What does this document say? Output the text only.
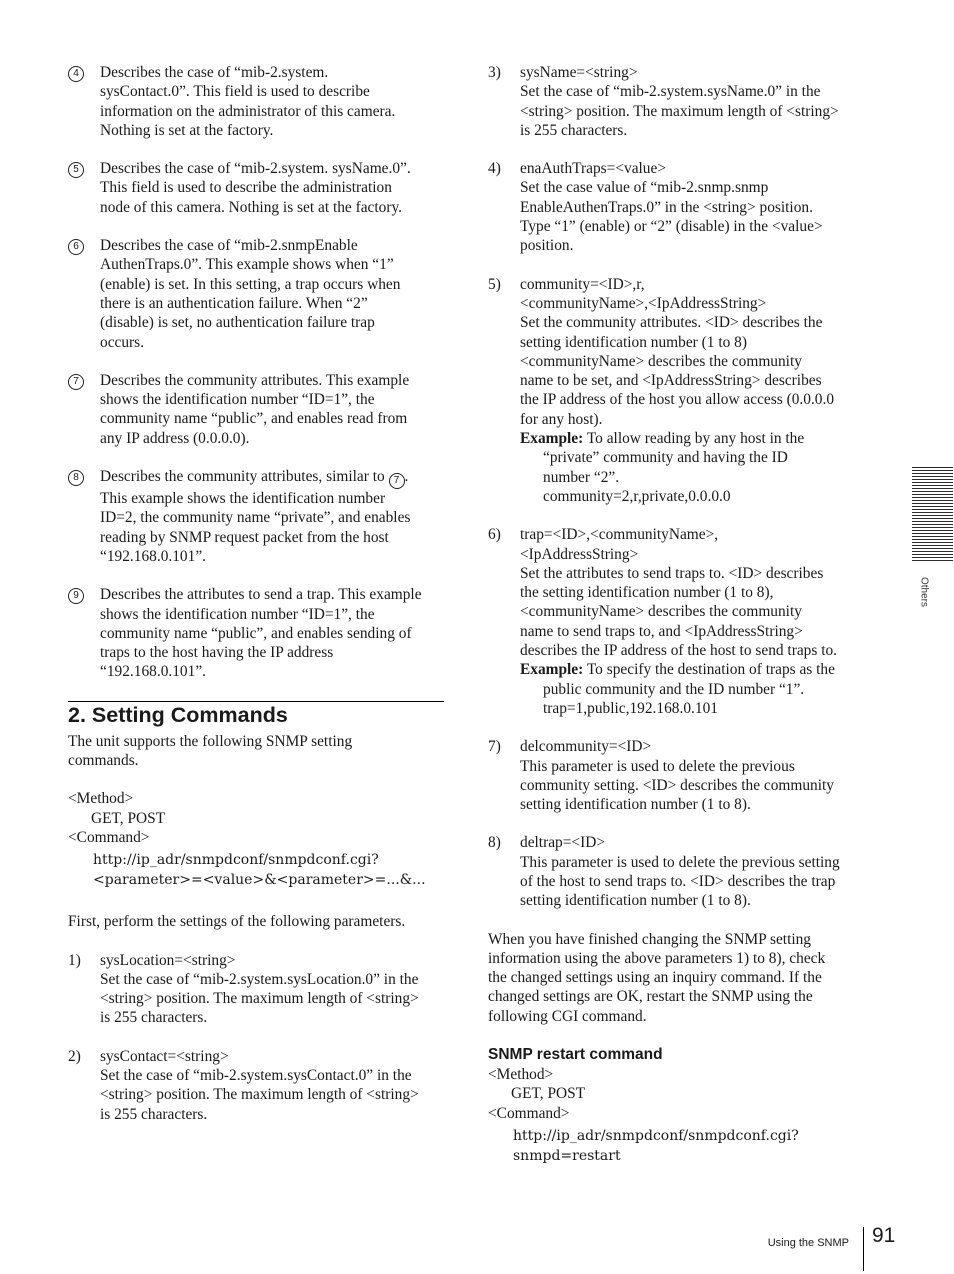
4	Describes the case of “mib-2.system.
sysContact.0”. This field is used to describe
information on the administrator of this camera.
Nothing is set at the factory.
5	Describes the case of “mib-2.system. sysName.0”.
This field is used to describe the administration
node of this camera. Nothing is set at the factory.
6	Describes the case of “mib-2.snmpEnable
AuthenTraps.0”. This example shows when “1”
(enable) is set. In this setting, a trap occurs when
there is an authentication failure. When “2”
(disable) is set, no authentication failure trap
occurs.
7	Describes the community attributes. This example
shows the identification number “ID=1”, the
community name “public”, and enables read from
any IP address (0.0.0.0).
8	Describes the community attributes, similar to 7 .
This example shows the identification number
ID=2, the community name “private”, and enables
reading by SNMP request packet from the host
“192.168.0.101”.
9	Describes the attributes to send a trap. This example
shows the identification number “ID=1”, the
community name “public”, and enables sending of
traps to the host having the IP address
“192.168.0.101”.
2. Setting Commands
The unit supports the following SNMP setting
commands.
<Method>
GET, POST
<Command>
http://ip_adr/snmpdconf/snmpdconf.cgi?
<parameter>=<value>&<parameter>=...&...
First, perform the settings of the following parameters.
1) sysLocation=<string>
Set the case of “mib-2.system.sysLocation.0” in the
<string> position. The maximum length of <string>
is 255 characters.
2) sysContact=<string>
Set the case of “mib-2.system.sysContact.0” in the
<string> position. The maximum length of <string>
is 255 characters.
3) sysName=<string>
Set the case of “mib-2.system.sysName.0” in the
<string> position. The maximum length of <string>
is 255 characters.
4) enaAuthTraps=<value>
Set the case value of “mib-2.snmp.snmp
EnableAuthenTraps.0” in the <string> position.
Type “1” (enable) or “2” (disable) in the <value>
position.
5) community=<ID>,r,
<communityName>,<IpAddressString>
Set the community attributes. <ID> describes the
setting identification number (1 to 8)
<communityName> describes the community
name to be set, and <IpAddressString> describes
the IP address of the host you allow access (0.0.0.0
for any host).
Example: To allow reading by any host in the
“private” community and having the ID
number “2”.
community=2,r,private,0.0.0.0
6) trap=<ID>,<communityName>,
<IpAddressString>
Set the attributes to send traps to. <ID> describes
the setting identification number (1 to 8),
<communityName> describes the community
name to send traps to, and <IpAddressString>
describes the IP address of the host to send traps to.
Example: To specify the destination of traps as the
public community and the ID number “1”.
trap=1,public,192.168.0.101
7) delcommunity=<ID>
This parameter is used to delete the previous
community setting. <ID> describes the community
setting identification number (1 to 8).
8) deltrap=<ID>
This parameter is used to delete the previous setting
of the host to send traps to. <ID> describes the trap
setting identification number (1 to 8).
When you have finished changing the SNMP setting
information using the above parameters 1) to 8), check
the changed settings using an inquiry command. If the
changed settings are OK, restart the SNMP using the
following CGI command.
SNMP restart command
<Method>
GET, POST
<Command>
http://ip_adr/snmpdconf/snmpdconf.cgi?
snmpd=restart
Others
Using the SNMP 91
